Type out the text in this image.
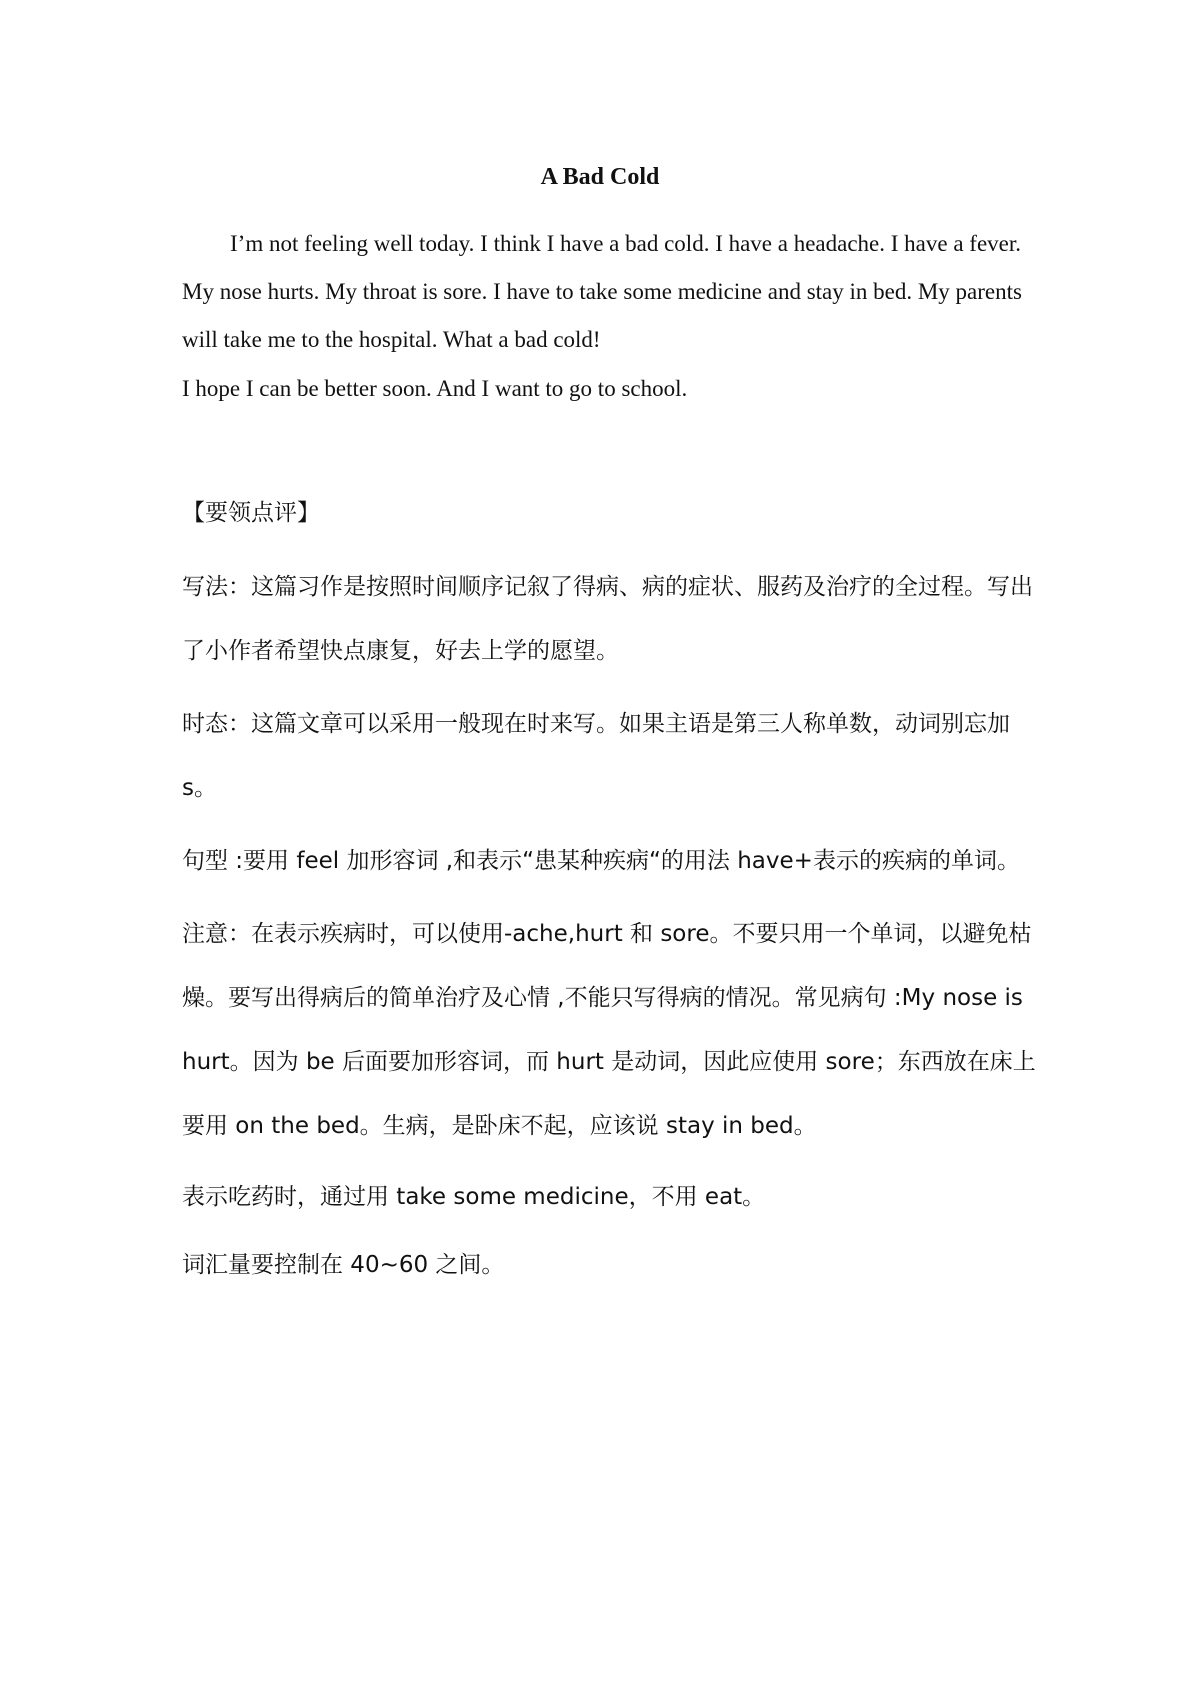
A Bad Cold

I’m not feeling well today. I think I have a bad cold. I have a headache. I have a fever. My nose hurts. My throat is sore. I have to take some medicine and stay in bed. My parents will take me to the hospital. What a bad cold!

I hope I can be better soon. And I want to go to school.

【要领点评】

写法：这篇习作是按照时间顺序记叙了得病、病的症状、服药及治疗的全过程。写出了小作者希望快点康复，好去上学的愿望。

时态：这篇文章可以采用一般现在时来写。如果主语是第三人称单数，动词别忘加 s。

句型 :要用 feel 加形容词 ,和表示“患某种疾病“的用法 have+表示的疾病的单词。

注意：在表示疾病时，可以使用-ache,hurt 和 sore。不要只用一个单词，以避免枯燥。要写出得病后的简单治疗及心情 ,不能只写得病的情况。常见病句 :My nose is hurt。因为 be 后面要加形容词，而 hurt 是动词，因此应使用 sore；东西放在床上要用 on the bed。生病，是卧床不起，应该说 stay in bed。

表示吃药时，通过用 take some medicine，不用 eat。

词汇量要控制在 40~60 之间。
